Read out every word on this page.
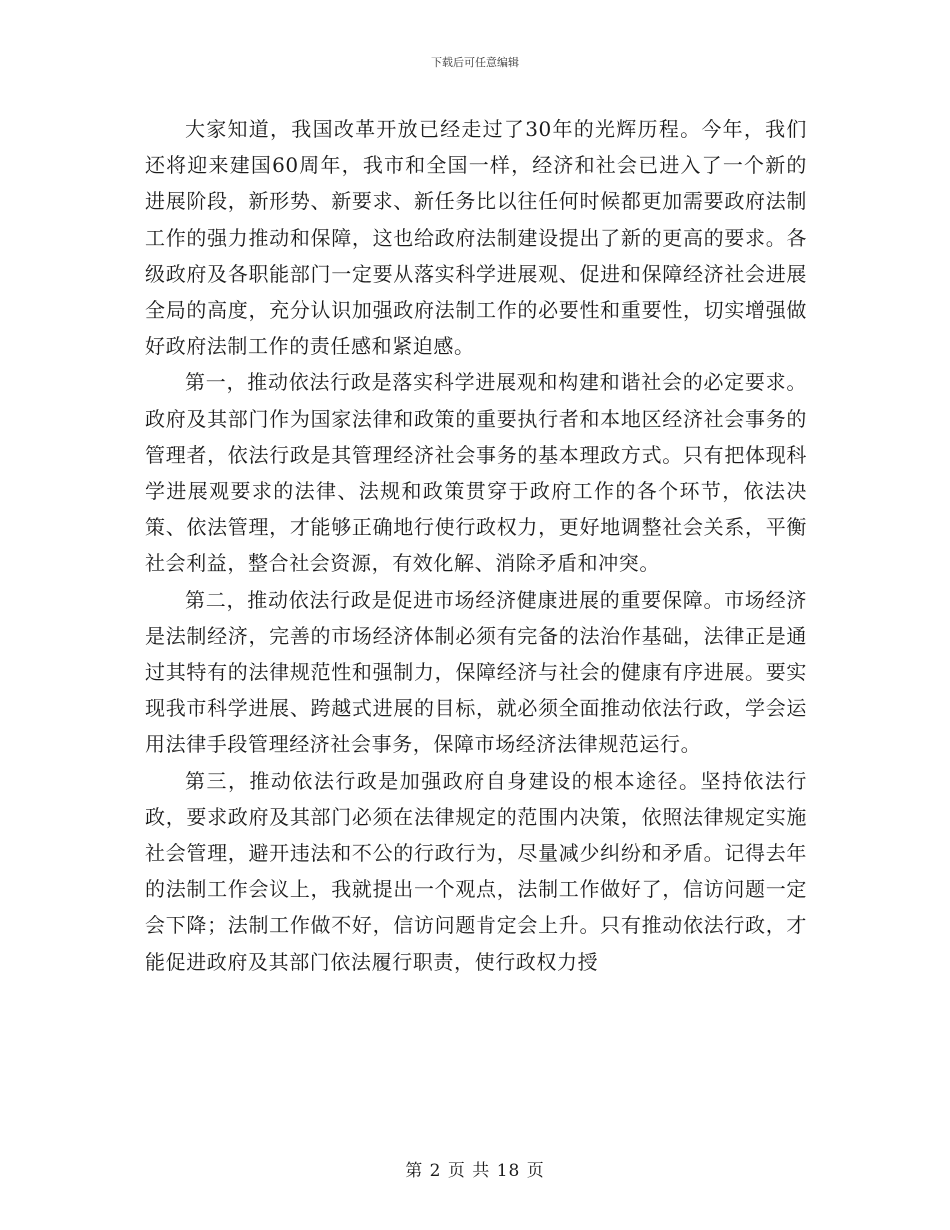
下载后可任意编辑

大家知道，我国改革开放已经走过了30年的光辉历程。今年，我们还将迎来建国60周年，我市和全国一样，经济和社会已进入了一个新的进展阶段，新形势、新要求、新任务比以往任何时候都更加需要政府法制工作的强力推动和保障，这也给政府法制建设提出了新的更高的要求。各级政府及各职能部门一定要从落实科学进展观、促进和保障经济社会进展全局的高度，充分认识加强政府法制工作的必要性和重要性，切实增强做好政府法制工作的责任感和紧迫感。

第一，推动依法行政是落实科学进展观和构建和谐社会的必定要求。政府及其部门作为国家法律和政策的重要执行者和本地区经济社会事务的管理者，依法行政是其管理经济社会事务的基本理政方式。只有把体现科学进展观要求的法律、法规和政策贯穿于政府工作的各个环节，依法决策、依法管理，才能够正确地行使行政权力，更好地调整社会关系，平衡社会利益，整合社会资源，有效化解、消除矛盾和冲突。

第二，推动依法行政是促进市场经济健康进展的重要保障。市场经济是法制经济，完善的市场经济体制必须有完备的法治作基础，法律正是通过其特有的法律规范性和强制力，保障经济与社会的健康有序进展。要实现我市科学进展、跨越式进展的目标，就必须全面推动依法行政，学会运用法律手段管理经济社会事务，保障市场经济法律规范运行。

第三，推动依法行政是加强政府自身建设的根本途径。坚持依法行政，要求政府及其部门必须在法律规定的范围内决策，依照法律规定实施社会管理，避开违法和不公的行政行为，尽量减少纠纷和矛盾。记得去年的法制工作会议上，我就提出一个观点，法制工作做好了，信访问题一定会下降；法制工作做不好，信访问题肯定会上升。只有推动依法行政，才能促进政府及其部门依法履行职责，使行政权力授

第 2 页 共 18 页
